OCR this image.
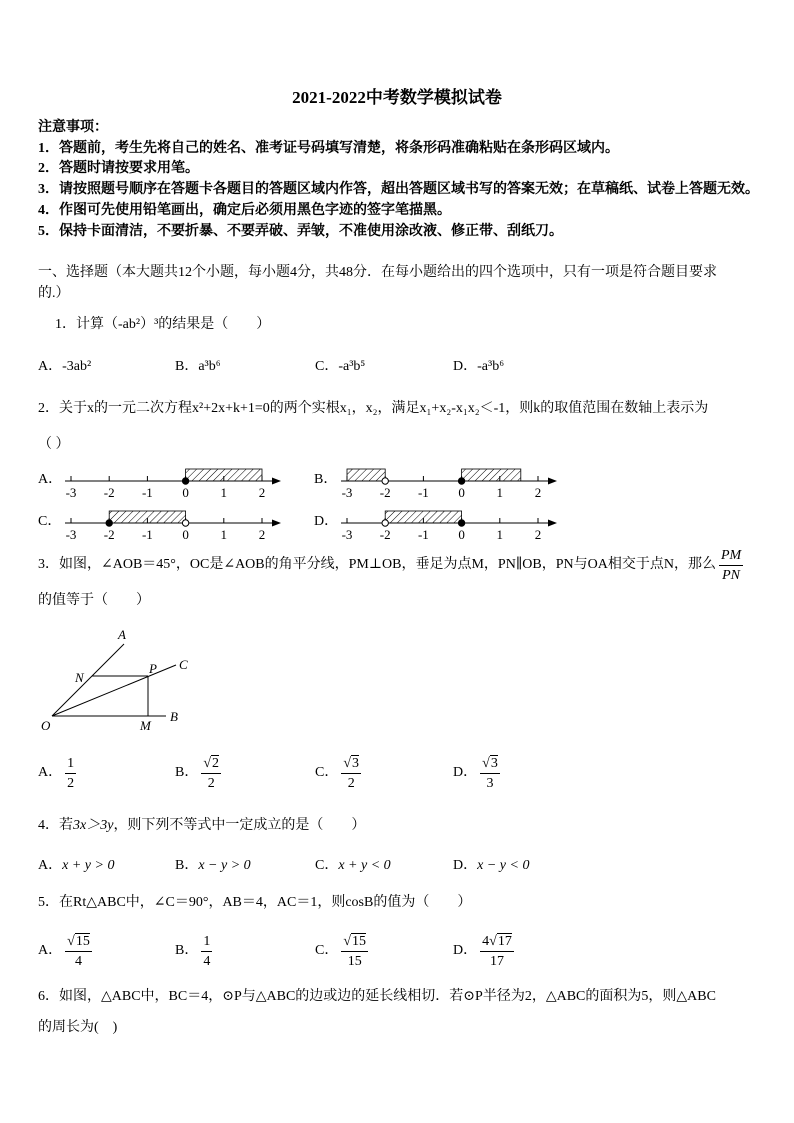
2021-2022中考数学模拟试卷
注意事项：
1．答题前，考生先将自己的姓名、准考证号码填写清楚，将条形码准确粘贴在条形码区域内。
2．答题时请按要求用笔。
3．请按照题号顺序在答题卡各题目的答题区域内作答，超出答题区域书写的答案无效；在草稿纸、试卷上答题无效。
4．作图可先使用铅笔画出，确定后必须用黑色字迹的签字笔描黑。
5．保持卡面清洁，不要折暴、不要弄破、弄皱，不准使用涂改液、修正带、刮纸刀。
一、选择题（本大题共12个小题，每小题4分，共48分．在每小题给出的四个选项中，只有一项是符合题目要求
的.）
1．计算（-ab²）³的结果是（　　）
A． -3ab²	B． a³b⁶	C． -a³b⁵	D． -a³b⁶
2．关于x的一元二次方程x²+2x+k+1=0的两个实根x₁，x₂，满足x₁+x₂-x₁x₂＜-1，则k的取值范围在数轴上表示为
（ ）
A．
-3 -2 -1 0 1 2
B．
-3 -2 -1 0 1 2
C．
-3 -2 -1 0 1 2
D．
-3 -2 -1 0 1 2
3．如图，∠AOB＝45°，OC是∠AOB的角平分线，PM⊥OB，垂足为点M，PN∥OB，PN与OA相交于点N，那么 $\frac{PM}{PN}$
的值等于（　　）
A
C
B
O	M
N
P
A． $\frac{1}{2}$	B． $\frac{√2}{2}$	C． $\frac{√3}{2}$	D． $\frac{√3}{3}$
4．若3x＞3y，则下列不等式中一定成立的是（　　）
A． x + y > 0	B． x − y > 0	C． x + y < 0	D． x − y < 0
5．在Rt△ABC中，∠C＝90°，AB＝4，AC＝1，则cosB的值为（　　）
A． $\frac{√15}{4}$	B． $\frac{1}{4}$	C． $\frac{√15}{15}$	D． $\frac{4√17}{17}$
6．如图，△ABC中，BC＝4，⊙P与△ABC的边或边的延长线相切．若⊙P半径为2，△ABC的面积为5，则△ABC
的周长为(　)
